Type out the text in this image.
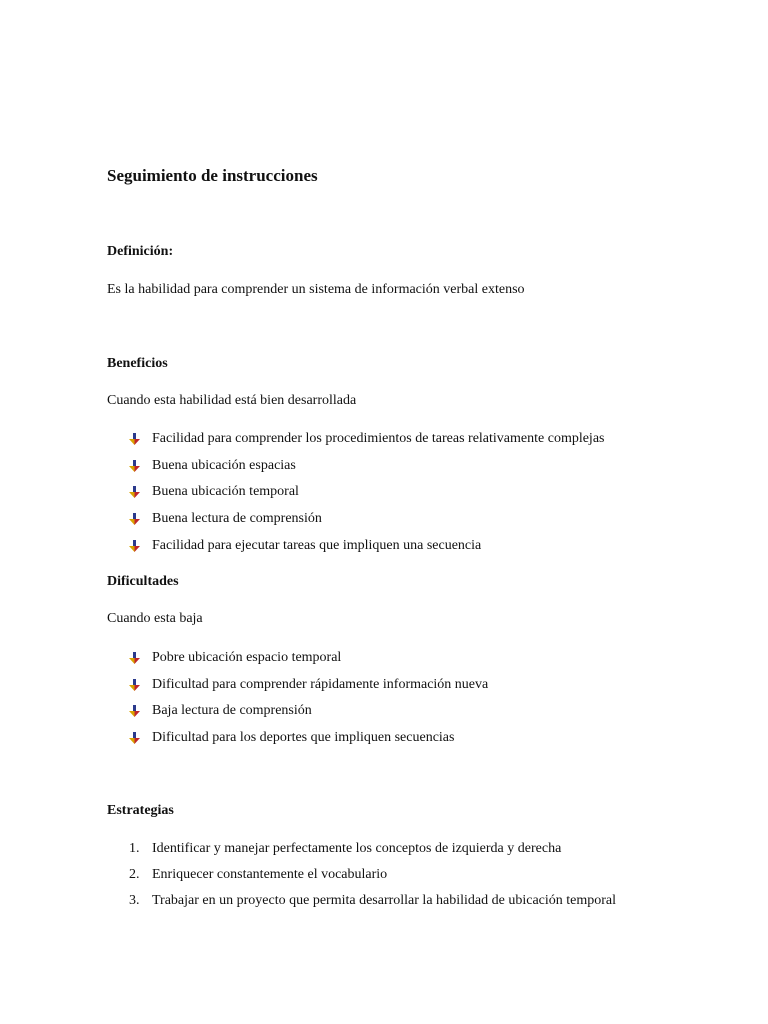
Seguimiento de instrucciones

Definición:

Es la habilidad para comprender un sistema de información verbal extenso

Beneficios

Cuando esta habilidad está bien desarrollada

Facilidad para comprender los procedimientos de tareas relativamente complejas
Buena ubicación espacias
Buena ubicación temporal
Buena lectura de comprensión
Facilidad para ejecutar tareas que impliquen una secuencia

Dificultades

Cuando esta baja

Pobre ubicación espacio temporal
Dificultad para comprender rápidamente información nueva
Baja lectura de comprensión
Dificultad para los deportes que impliquen secuencias

Estrategias

1. Identificar y manejar perfectamente los conceptos de izquierda y derecha
2. Enriquecer constantemente el vocabulario
3. Trabajar en un proyecto que permita desarrollar la habilidad de ubicación temporal
